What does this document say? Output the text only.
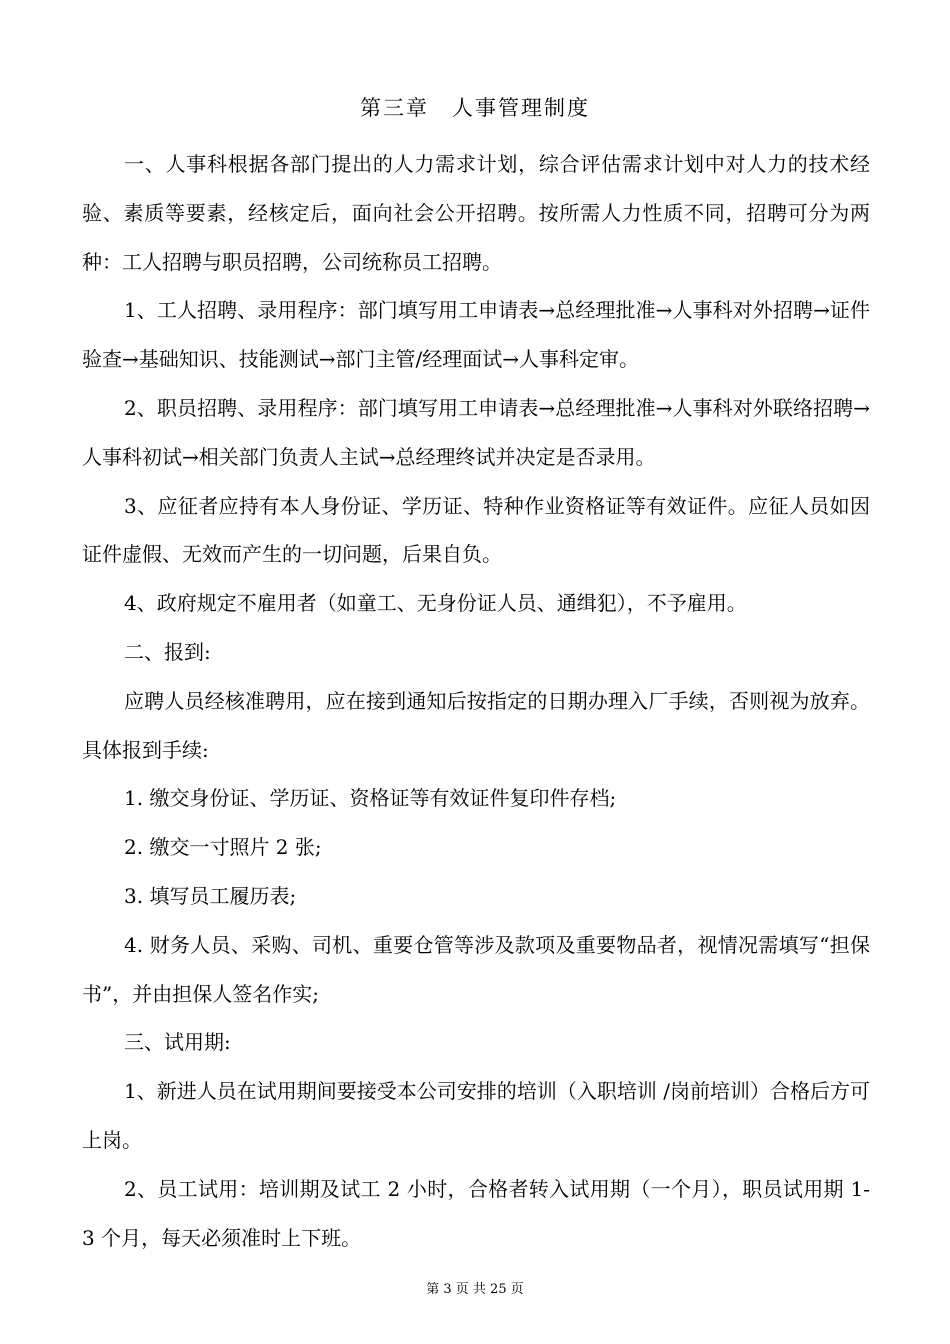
第三章　人事管理制度

一、人事科根据各部门提出的人力需求计划，综合评估需求计划中对人力的技术经验、素质等要素，经核定后，面向社会公开招聘。按所需人力性质不同，招聘可分为两种：工人招聘与职员招聘，公司统称员工招聘。

1、工人招聘、录用程序：部门填写用工申请表→总经理批准→人事科对外招聘→证件验查→基础知识、技能测试→部门主管/经理面试→人事科定审。

2、职员招聘、录用程序：部门填写用工申请表→总经理批准→人事科对外联络招聘→人事科初试→相关部门负责人主试→总经理终试并决定是否录用。

3、应征者应持有本人身份证、学历证、特种作业资格证等有效证件。应征人员如因证件虚假、无效而产生的一切问题，后果自负。

4、政府规定不雇用者（如童工、无身份证人员、通缉犯），不予雇用。

二、报到:

应聘人员经核准聘用，应在接到通知后按指定的日期办理入厂手续，否则视为放弃。具体报到手续:

1. 缴交身份证、学历证、资格证等有效证件复印件存档;

2. 缴交一寸照片 2 张;

3. 填写员工履历表;

4. 财务人员、采购、司机、重要仓管等涉及款项及重要物品者，视情况需填写“担保书”，并由担保人签名作实;

三、试用期:

1、新进人员在试用期间要接受本公司安排的培训（入职培训 /岗前培训）合格后方可上岗。

2、员工试用：培训期及试工 2 小时，合格者转入试用期（一个月），职员试用期 1-3 个月，每天必须准时上下班。

第 3 页 共 25 页
